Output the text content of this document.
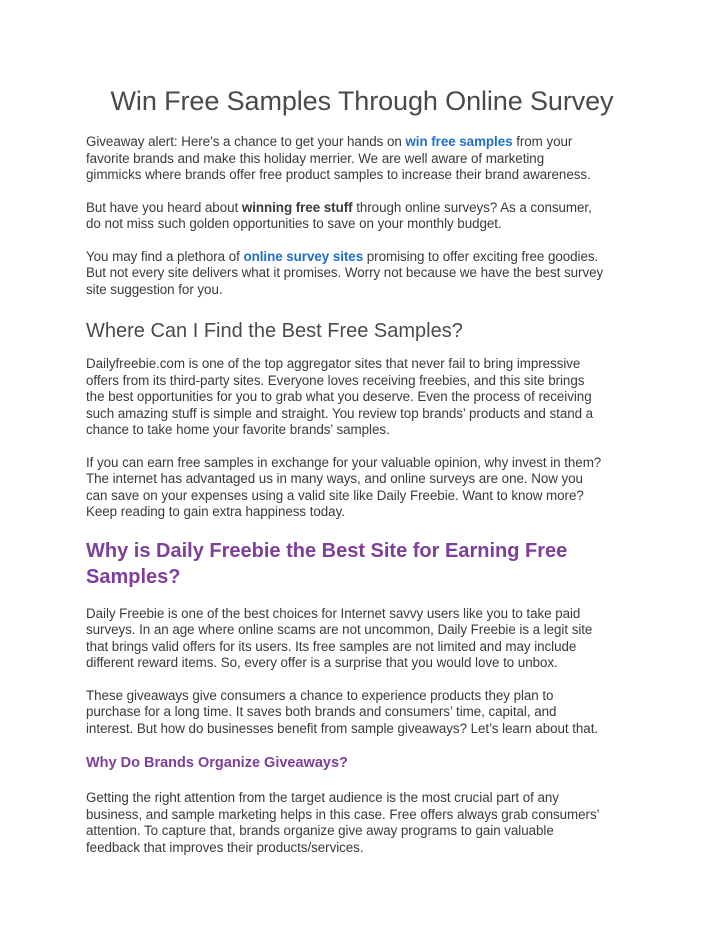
Win Free Samples Through Online Survey

Giveaway alert: Here’s a chance to get your hands on win free samples from your
favorite brands and make this holiday merrier. We are well aware of marketing
gimmicks where brands offer free product samples to increase their brand awareness.

But have you heard about winning free stuff through online surveys? As a consumer,
do not miss such golden opportunities to save on your monthly budget.

You may find a plethora of online survey sites promising to offer exciting free goodies.
But not every site delivers what it promises. Worry not because we have the best survey
site suggestion for you.

Where Can I Find the Best Free Samples?

Dailyfreebie.com is one of the top aggregator sites that never fail to bring impressive
offers from its third-party sites. Everyone loves receiving freebies, and this site brings
the best opportunities for you to grab what you deserve. Even the process of receiving
such amazing stuff is simple and straight. You review top brands’ products and stand a
chance to take home your favorite brands’ samples.

If you can earn free samples in exchange for your valuable opinion, why invest in them?
The internet has advantaged us in many ways, and online surveys are one. Now you
can save on your expenses using a valid site like Daily Freebie. Want to know more?
Keep reading to gain extra happiness today.

Why is Daily Freebie the Best Site for Earning Free
Samples?

Daily Freebie is one of the best choices for Internet savvy users like you to take paid
surveys. In an age where online scams are not uncommon, Daily Freebie is a legit site
that brings valid offers for its users. Its free samples are not limited and may include
different reward items. So, every offer is a surprise that you would love to unbox.

These giveaways give consumers a chance to experience products they plan to
purchase for a long time. It saves both brands and consumers’ time, capital, and
interest. But how do businesses benefit from sample giveaways? Let’s learn about that.

Why Do Brands Organize Giveaways?

Getting the right attention from the target audience is the most crucial part of any
business, and sample marketing helps in this case. Free offers always grab consumers’
attention. To capture that, brands organize give away programs to gain valuable
feedback that improves their products/services.
